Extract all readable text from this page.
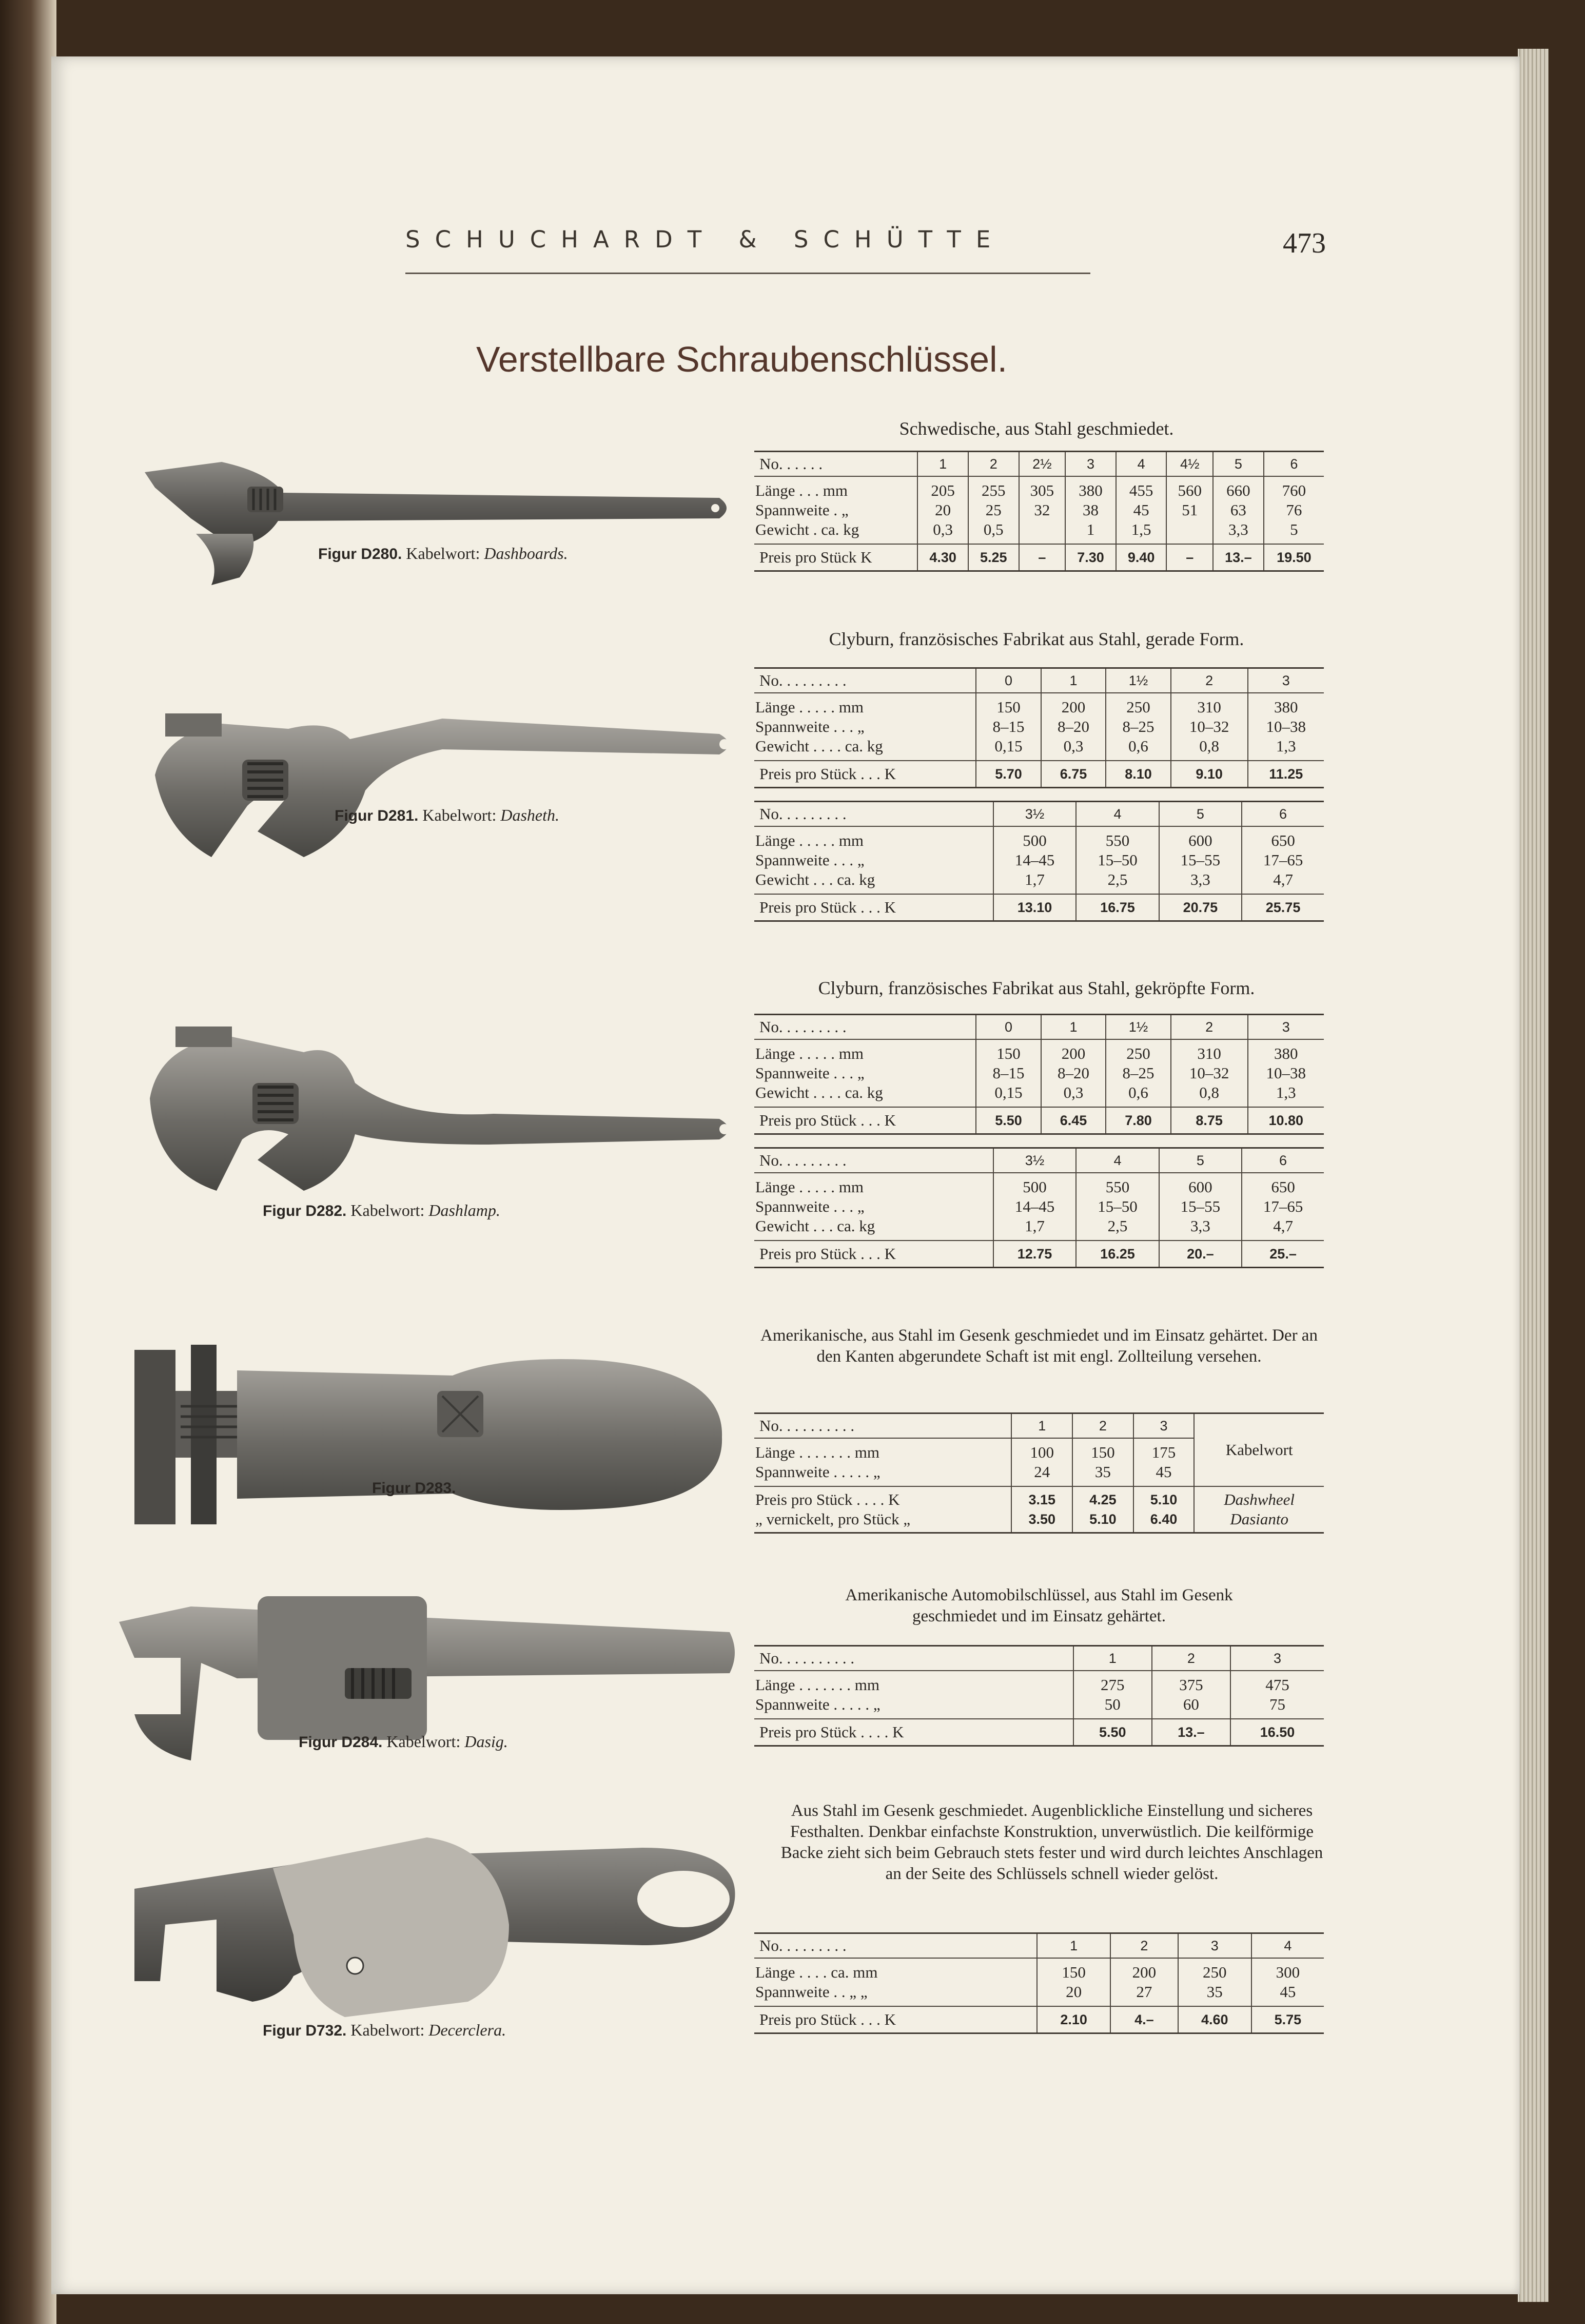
SCHUCHARDT & SCHÜTTE	473
Verstellbare Schraubenschlüssel.
Figur D280. Kabelwort: Dashboards.
Figur D281. Kabelwort: Dasheth.
Figur D282. Kabelwort: Dashlamp.
Figur D283.
Figur D284. Kabelwort: Dasig.
Figur D732. Kabelwort: Decerclera.
Schwedische, aus Stahl geschmiedet.
No. . . . . .	1	2	2½	3	4	4½	5	6
Länge . . . mm	205	255	305	380	455	560	660	760
Spannweite . „	20	25	32	38	45	51	63	76
Gewicht . ca. kg	0,3	0,5		1	1,5		3,3	5
Preis pro Stück K	4.30	5.25	–	7.30	9.40	–	13.–	19.50
Clyburn, französisches Fabrikat aus Stahl, gerade Form.
No. . . . . . . . .	0	1	1½	2	3
Länge . . . . . mm	150	200	250	310	380
Spannweite . . . „	8–15	8–20	8–25	10–32	10–38
Gewicht . . . . ca. kg	0,15	0,3	0,6	0,8	1,3
Preis pro Stück . . . K	5.70	6.75	8.10	9.10	11.25
No. . . . . . . . .	3½	4	5	6
Länge . . . . . mm	500	550	600	650
Spannweite . . . „	14–45	15–50	15–55	17–65
Gewicht . . . ca. kg	1,7	2,5	3,3	4,7
Preis pro Stück . . . K	13.10	16.75	20.75	25.75
Clyburn, französisches Fabrikat aus Stahl, gekröpfte Form.
No. . . . . . . . .	0	1	1½	2	3
Länge . . . . . mm	150	200	250	310	380
Spannweite . . . „	8–15	8–20	8–25	10–32	10–38
Gewicht . . . . ca. kg	0,15	0,3	0,6	0,8	1,3
Preis pro Stück . . . K	5.50	6.45	7.80	8.75	10.80
No. . . . . . . . .	3½	4	5	6
Länge . . . . . mm	500	550	600	650
Spannweite . . . „	14–45	15–50	15–55	17–65
Gewicht . . . ca. kg	1,7	2,5	3,3	4,7
Preis pro Stück . . . K	12.75	16.25	20.–	25.–
Amerikanische, aus Stahl im Gesenk geschmiedet und im Einsatz gehärtet. Der an den Kanten abgerundete Schaft ist mit engl. Zollteilung versehen.
No. . . . . . . . . .	1	2	3	Kabelwort
Länge . . . . . . . mm	100	150	175	
Spannweite . . . . . „	24	35	45	
Preis pro Stück . . . . K	3.15	4.25	5.10	Dashwheel
„ vernickelt, pro Stück „	3.50	5.10	6.40	Dasianto
Amerikanische Automobilschlüssel, aus Stahl im Gesenk geschmiedet und im Einsatz gehärtet.
No. . . . . . . . . .	1	2	3
Länge . . . . . . . mm	275	375	475
Spannweite . . . . . „	50	60	75
Preis pro Stück . . . . K	5.50	13.–	16.50
Aus Stahl im Gesenk geschmiedet. Augenblickliche Einstellung und sicheres Festhalten. Denkbar einfachste Konstruktion, unverwüstlich. Die keilförmige Backe zieht sich beim Gebrauch stets fester und wird durch leichtes Anschlagen an der Seite des Schlüssels schnell wieder gelöst.
No. . . . . . . . .	1	2	3	4
Länge . . . . ca. mm	150	200	250	300
Spannweite . . „ „	20	27	35	45
Preis pro Stück . . . K	2.10	4.–	4.60	5.75
